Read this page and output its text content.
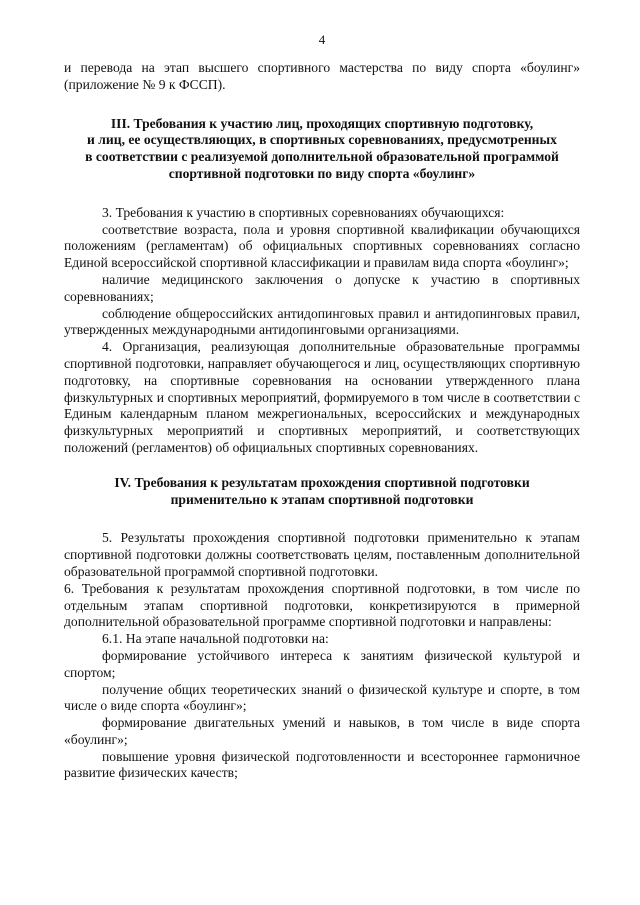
4

и перевода на этап высшего спортивного мастерства по виду спорта «боулинг» (приложение № 9 к ФССП).

III. Требования к участию лиц, проходящих спортивную подготовку,

и лиц, ее осуществляющих, в спортивных соревнованиях, предусмотренных

в соответствии с реализуемой дополнительной образовательной программой

спортивной подготовки по виду спорта «боулинг»

3. Требования к участию в спортивных соревнованиях обучающихся:

соответствие возраста, пола и уровня спортивной квалификации обучающихся положениям (регламентам) об официальных спортивных соревнованиях согласно Единой всероссийской спортивной классификации и правилам вида спорта «боулинг»;

наличие медицинского заключения о допуске к участию в спортивных соревнованиях;

соблюдение общероссийских антидопинговых правил и антидопинговых правил, утвержденных международными антидопинговыми организациями.

4. Организация, реализующая дополнительные образовательные программы спортивной подготовки, направляет обучающегося и лиц, осуществляющих спортивную подготовку, на спортивные соревнования на основании утвержденного плана физкультурных и спортивных мероприятий, формируемого в том числе в соответствии с Единым календарным планом межрегиональных, всероссийских и международных физкультурных мероприятий и спортивных мероприятий, и соответствующих положений (регламентов) об официальных спортивных соревнованиях.

IV. Требования к результатам прохождения спортивной подготовки

применительно к этапам спортивной подготовки

5. Результаты прохождения спортивной подготовки применительно к этапам спортивной подготовки должны соответствовать целям, поставленным дополнительной образовательной программой спортивной подготовки.

6. Требования к результатам прохождения спортивной подготовки, в том числе по отдельным этапам спортивной подготовки, конкретизируются в примерной дополнительной образовательной программе спортивной подготовки и направлены:

6.1. На этапе начальной подготовки на:

формирование устойчивого интереса к занятиям физической культурой и спортом;

получение общих теоретических знаний о физической культуре и спорте, в том числе о виде спорта «боулинг»;

формирование двигательных умений и навыков, в том числе в виде спорта «боулинг»;

повышение уровня физической подготовленности и всестороннее гармоничное развитие физических качеств;
